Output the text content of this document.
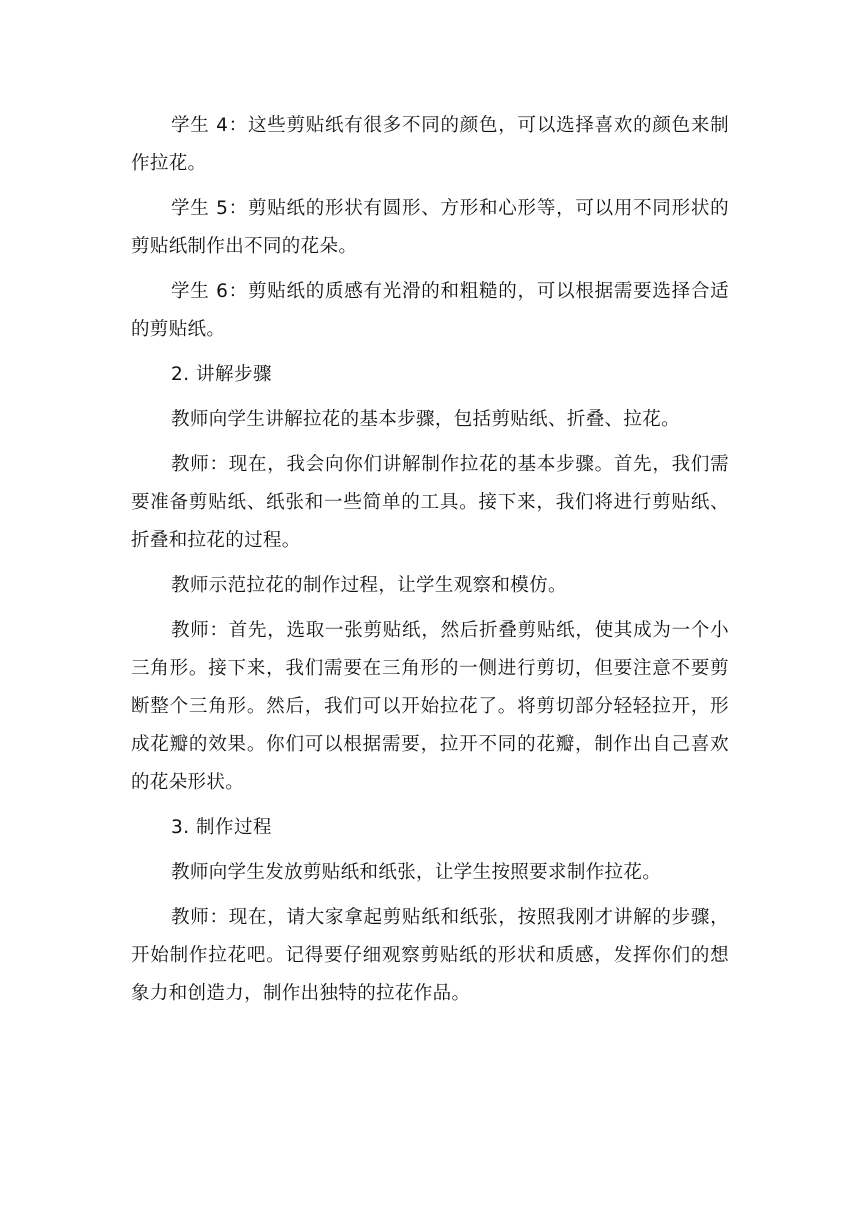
学生 4：这些剪贴纸有很多不同的颜色，可以选择喜欢的颜色来制作拉花。

学生 5：剪贴纸的形状有圆形、方形和心形等，可以用不同形状的剪贴纸制作出不同的花朵。

学生 6：剪贴纸的质感有光滑的和粗糙的，可以根据需要选择合适的剪贴纸。

2. 讲解步骤

教师向学生讲解拉花的基本步骤，包括剪贴纸、折叠、拉花。

教师：现在，我会向你们讲解制作拉花的基本步骤。首先，我们需要准备剪贴纸、纸张和一些简单的工具。接下来，我们将进行剪贴纸、折叠和拉花的过程。

教师示范拉花的制作过程，让学生观察和模仿。

教师：首先，选取一张剪贴纸，然后折叠剪贴纸，使其成为一个小三角形。接下来，我们需要在三角形的一侧进行剪切，但要注意不要剪断整个三角形。然后，我们可以开始拉花了。将剪切部分轻轻拉开，形成花瓣的效果。你们可以根据需要，拉开不同的花瓣，制作出自己喜欢的花朵形状。

3. 制作过程

教师向学生发放剪贴纸和纸张，让学生按照要求制作拉花。

教师：现在，请大家拿起剪贴纸和纸张，按照我刚才讲解的步骤，开始制作拉花吧。记得要仔细观察剪贴纸的形状和质感，发挥你们的想象力和创造力，制作出独特的拉花作品。
